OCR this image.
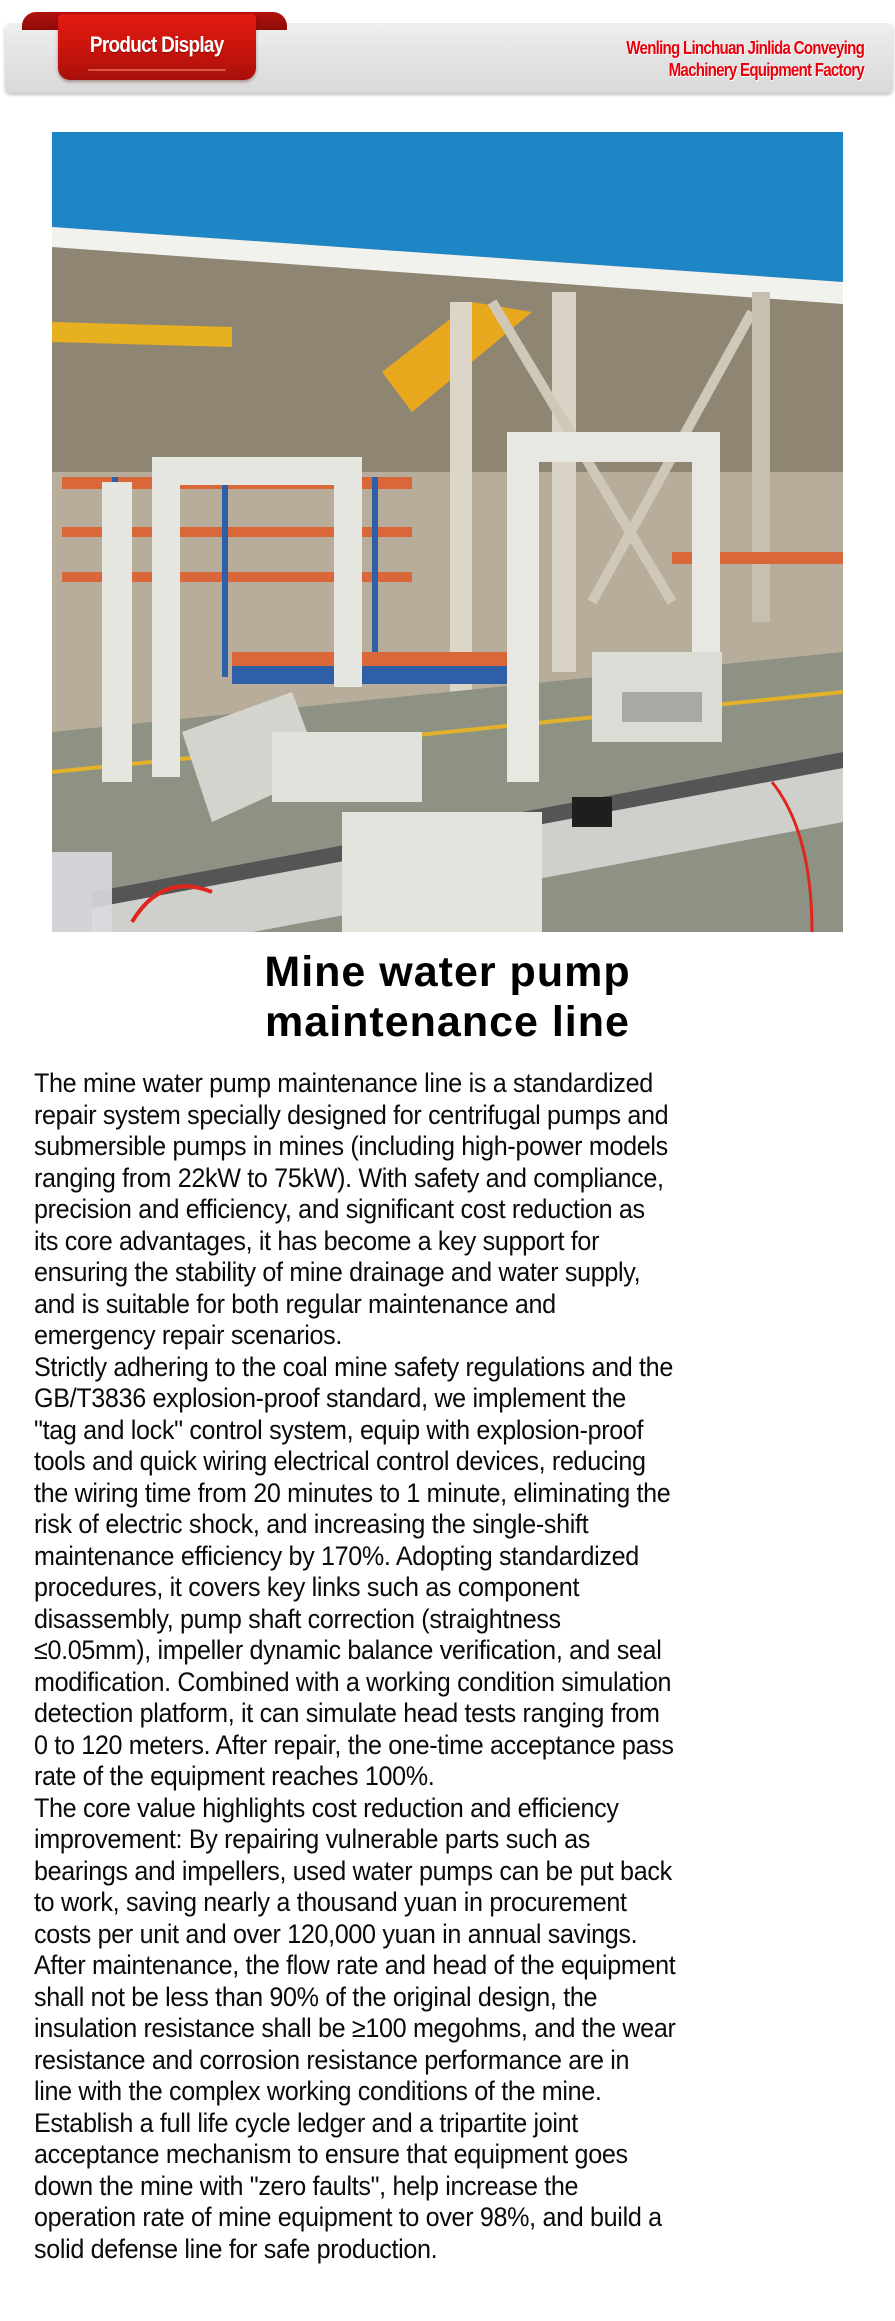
Product Display	Wenling Linchuan Jinlida Conveying
Machinery Equipment Factory
Mine water pump
maintenance line
The mine water pump maintenance line is a standardized
repair system specially designed for centrifugal pumps and
submersible pumps in mines (including high-power models
ranging from 22kW to 75kW). With safety and compliance,
precision and efficiency, and significant cost reduction as
its core advantages, it has become a key support for
ensuring the stability of mine drainage and water supply,
and is suitable for both regular maintenance and
emergency repair scenarios.
Strictly adhering to the coal mine safety regulations and the
GB/T3836 explosion-proof standard, we implement the
"tag and lock" control system, equip with explosion-proof
tools and quick wiring electrical control devices, reducing
the wiring time from 20 minutes to 1 minute, eliminating the
risk of electric shock, and increasing the single-shift
maintenance efficiency by 170%. Adopting standardized
procedures, it covers key links such as component
disassembly, pump shaft correction (straightness
≤0.05mm), impeller dynamic balance verification, and seal
modification. Combined with a working condition simulation
detection platform, it can simulate head tests ranging from
0 to 120 meters. After repair, the one-time acceptance pass
rate of the equipment reaches 100%.
The core value highlights cost reduction and efficiency
improvement: By repairing vulnerable parts such as
bearings and impellers, used water pumps can be put back
to work, saving nearly a thousand yuan in procurement
costs per unit and over 120,000 yuan in annual savings.
After maintenance, the flow rate and head of the equipment
shall not be less than 90% of the original design, the
insulation resistance shall be ≥100 megohms, and the wear
resistance and corrosion resistance performance are in
line with the complex working conditions of the mine.
Establish a full life cycle ledger and a tripartite joint
acceptance mechanism to ensure that equipment goes
down the mine with "zero faults", help increase the
operation rate of mine equipment to over 98%, and build a
solid defense line for safe production.
